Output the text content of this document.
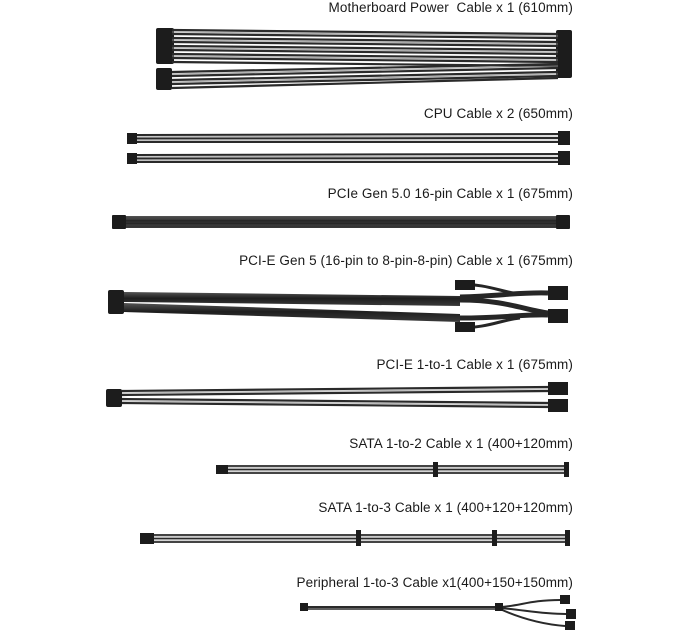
Motherboard Power  Cable x 1 (610mm)
CPU Cable x 2 (650mm)
PCIe Gen 5.0 16-pin Cable x 1 (675mm)
PCI-E Gen 5 (16-pin to 8-pin-8-pin) Cable x 1 (675mm)
PCI-E 1-to-1 Cable x 1 (675mm)
SATA 1-to-2 Cable x 1 (400+120mm)
SATA 1-to-3 Cable x 1 (400+120+120mm)
Peripheral 1-to-3 Cable x1(400+150+150mm)
